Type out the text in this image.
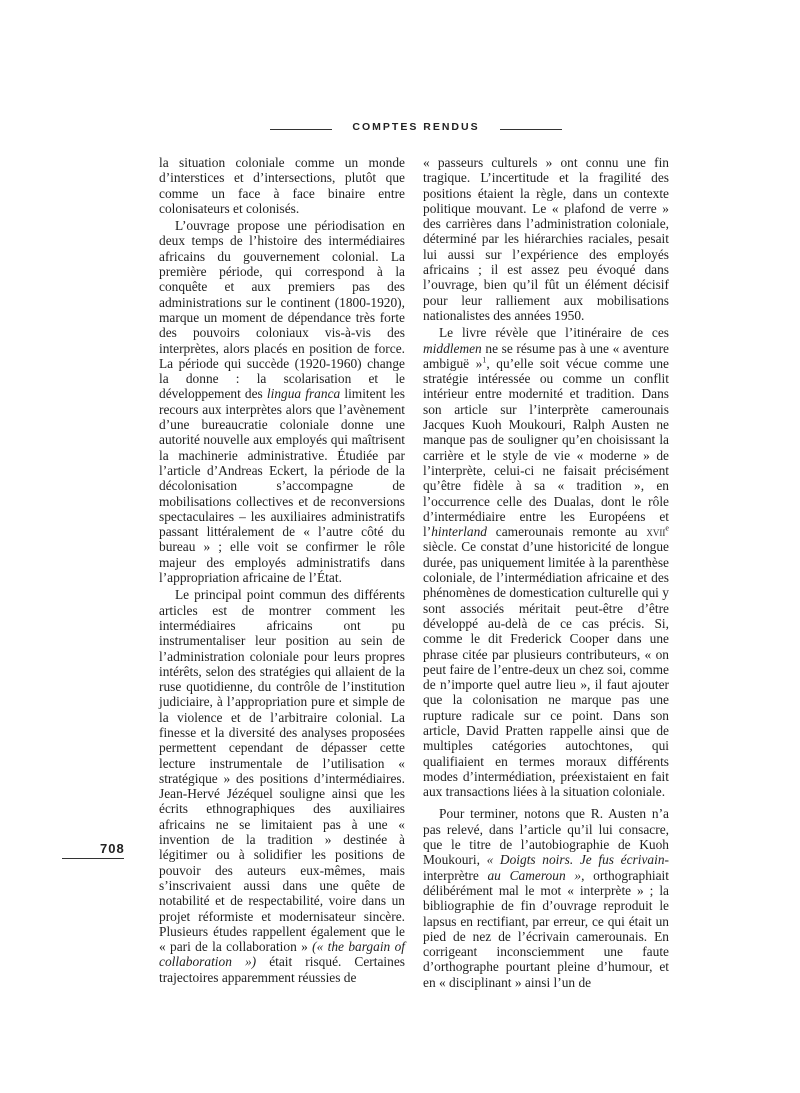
COMPTES RENDUS

la situation coloniale comme un monde d’interstices et d’intersections, plutôt que comme un face à face binaire entre colonisateurs et colonisés.

L’ouvrage propose une périodisation en deux temps de l’histoire des intermédiaires africains du gouvernement colonial. La première période, qui correspond à la conquête et aux premiers pas des administrations sur le continent (1800-1920), marque un moment de dépendance très forte des pouvoirs coloniaux vis-à-vis des interprètes, alors placés en position de force. La période qui succède (1920-1960) change la donne : la scolarisation et le développement des lingua franca limitent les recours aux interprètes alors que l’avènement d’une bureaucratie coloniale donne une autorité nouvelle aux employés qui maîtrisent la machinerie administrative. Étudiée par l’article d’Andreas Eckert, la période de la décolonisation s’accompagne de mobilisations collectives et de reconversions spectaculaires – les auxiliaires administratifs passant littéralement de « l’autre côté du bureau » ; elle voit se confirmer le rôle majeur des employés administratifs dans l’appropriation africaine de l’État.

Le principal point commun des différents articles est de montrer comment les intermédiaires africains ont pu instrumentaliser leur position au sein de l’administration coloniale pour leurs propres intérêts, selon des stratégies qui allaient de la ruse quotidienne, du contrôle de l’institution judiciaire, à l’appropriation pure et simple de la violence et de l’arbitraire colonial. La finesse et la diversité des analyses proposées permettent cependant de dépasser cette lecture instrumentale de l’utilisation « stratégique » des positions d’intermédiaires. Jean-Hervé Jézéquel souligne ainsi que les écrits ethnographiques des auxiliaires africains ne se limitaient pas à une « invention de la tradition » destinée à légitimer ou à solidifier les positions de pouvoir des auteurs eux-mêmes, mais s’inscrivaient aussi dans une quête de notabilité et de respectabilité, voire dans un projet réformiste et modernisateur sincère. Plusieurs études rappellent également que le « pari de la collaboration » (« the bargain of collaboration ») était risqué. Certaines trajectoires apparemment réussies de

« passeurs culturels » ont connu une fin tragique. L’incertitude et la fragilité des positions étaient la règle, dans un contexte politique mouvant. Le « plafond de verre » des carrières dans l’administration coloniale, déterminé par les hiérarchies raciales, pesait lui aussi sur l’expérience des employés africains ; il est assez peu évoqué dans l’ouvrage, bien qu’il fût un élément décisif pour leur ralliement aux mobilisations nationalistes des années 1950.

Le livre révèle que l’itinéraire de ces middlemen ne se résume pas à une « aventure ambiguë »$^1$, qu’elle soit vécue comme une stratégie intéressée ou comme un conflit intérieur entre modernité et tradition. Dans son article sur l’interprète camerounais Jacques Kuoh Moukouri, Ralph Austen ne manque pas de souligner qu’en choisissant la carrière et le style de vie « moderne » de l’interprète, celui-ci ne faisait précisément qu’être fidèle à sa « tradition », en l’occurrence celle des Dualas, dont le rôle d’intermédiaire entre les Européens et l’hinterland camerounais remonte au xvii$^e$ siècle. Ce constat d’une historicité de longue durée, pas uniquement limitée à la parenthèse coloniale, de l’intermédiation africaine et des phénomènes de domestication culturelle qui y sont associés méritait peut-être d’être développé au-delà de ce cas précis. Si, comme le dit Frederick Cooper dans une phrase citée par plusieurs contributeurs, « on peut faire de l’entre-deux un chez soi, comme de n’importe quel autre lieu », il faut ajouter que la colonisation ne marque pas une rupture radicale sur ce point. Dans son article, David Pratten rappelle ainsi que de multiples catégories autochtones, qui qualifiaient en termes moraux différents modes d’intermédiation, préexistaient en fait aux transactions liées à la situation coloniale.

Pour terminer, notons que R. Austen n’a pas relevé, dans l’article qu’il lui consacre, que le titre de l’autobiographie de Kuoh Moukouri, « Doigts noirs. Je fus écrivain-interprètre au Cameroun », orthographiait délibérément mal le mot « interprète » ; la bibliographie de fin d’ouvrage reproduit le lapsus en rectifiant, par erreur, ce qui était un pied de nez de l’écrivain camerounais. En corrigeant inconsciemment une faute d’orthographe pourtant pleine d’humour, et en « disciplinant » ainsi l’un de

708
